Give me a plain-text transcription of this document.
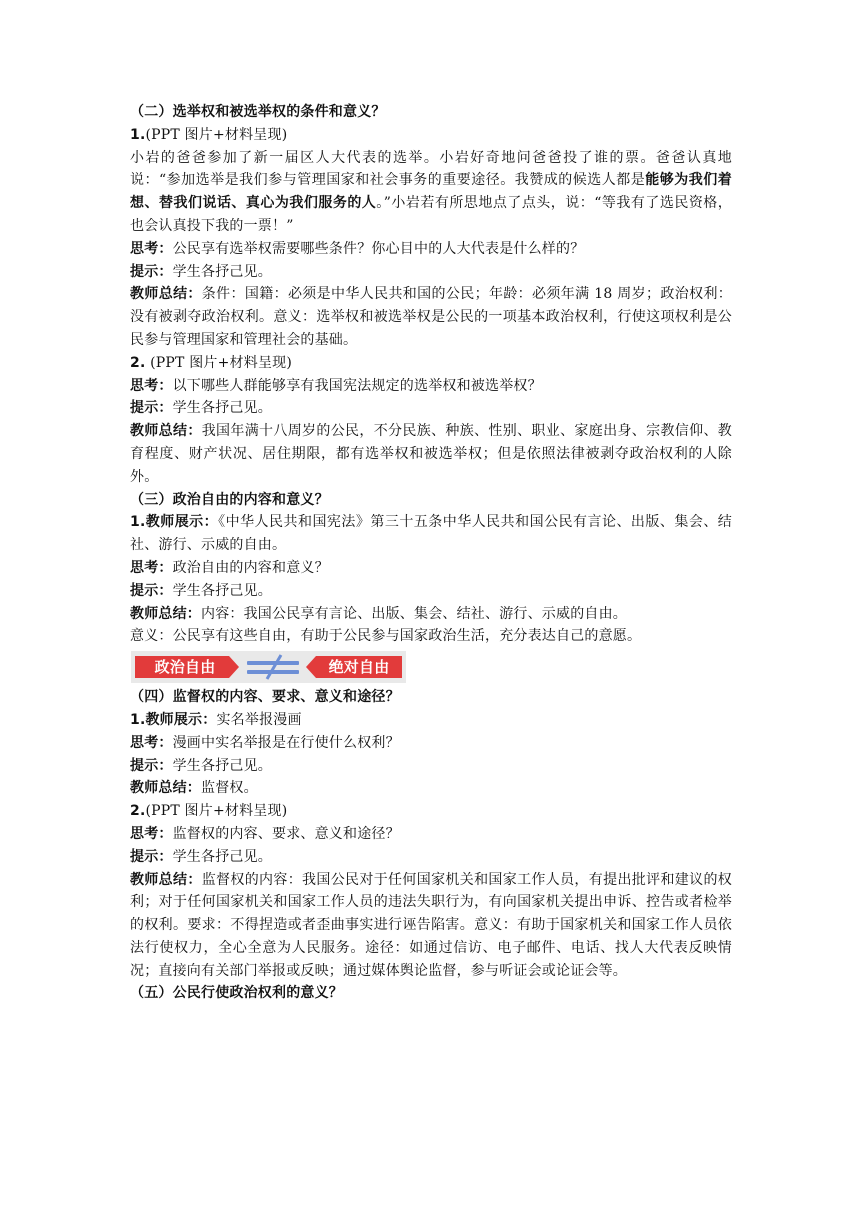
（二）选举权和被选举权的条件和意义？
1.(PPT 图片+材料呈现)
小岩的爸爸参加了新一届区人大代表的选举。小岩好奇地问爸爸投了谁的票。爸爸认真地说：“参加选举是我们参与管理国家和社会事务的重要途径。我赞成的候选人都是能够为我们着想、替我们说话、真心为我们服务的人。”小岩若有所思地点了点头，说：“等我有了选民资格，也会认真投下我的一票！”
思考：公民享有选举权需要哪些条件？你心目中的人大代表是什么样的？
提示：学生各抒己见。
教师总结：条件：国籍：必须是中华人民共和国的公民；年龄：必须年满 18 周岁；政治权利：没有被剥夺政治权利。意义：选举权和被选举权是公民的一项基本政治权利，行使这项权利是公民参与管理国家和管理社会的基础。
2. (PPT 图片+材料呈现)
思考：以下哪些人群能够享有我国宪法规定的选举权和被选举权？
提示：学生各抒己见。
教师总结：我国年满十八周岁的公民，不分民族、种族、性别、职业、家庭出身、宗教信仰、教育程度、财产状况、居住期限，都有选举权和被选举权；但是依照法律被剥夺政治权利的人除外。
（三）政治自由的内容和意义？
1.教师展示：《中华人民共和国宪法》第三十五条中华人民共和国公民有言论、出版、集会、结社、游行、示威的自由。
思考：政治自由的内容和意义？
提示：学生各抒己见。
教师总结：内容：我国公民享有言论、出版、集会、结社、游行、示威的自由。
意义：公民享有这些自由，有助于公民参与国家政治生活，充分表达自己的意愿。
政治自由	绝对自由
（四）监督权的内容、要求、意义和途径？
1.教师展示：实名举报漫画
思考：漫画中实名举报是在行使什么权利？
提示：学生各抒己见。
教师总结：监督权。
2.(PPT 图片+材料呈现)
思考：监督权的内容、要求、意义和途径？
提示：学生各抒己见。
教师总结：监督权的内容：我国公民对于任何国家机关和国家工作人员，有提出批评和建议的权利；对于任何国家机关和国家工作人员的违法失职行为，有向国家机关提出申诉、控告或者检举的权利。要求：不得捏造或者歪曲事实进行诬告陷害。意义：有助于国家机关和国家工作人员依法行使权力，全心全意为人民服务。途径：如通过信访、电子邮件、电话、找人大代表反映情况；直接向有关部门举报或反映；通过媒体舆论监督，参与听证会或论证会等。
（五）公民行使政治权利的意义？
